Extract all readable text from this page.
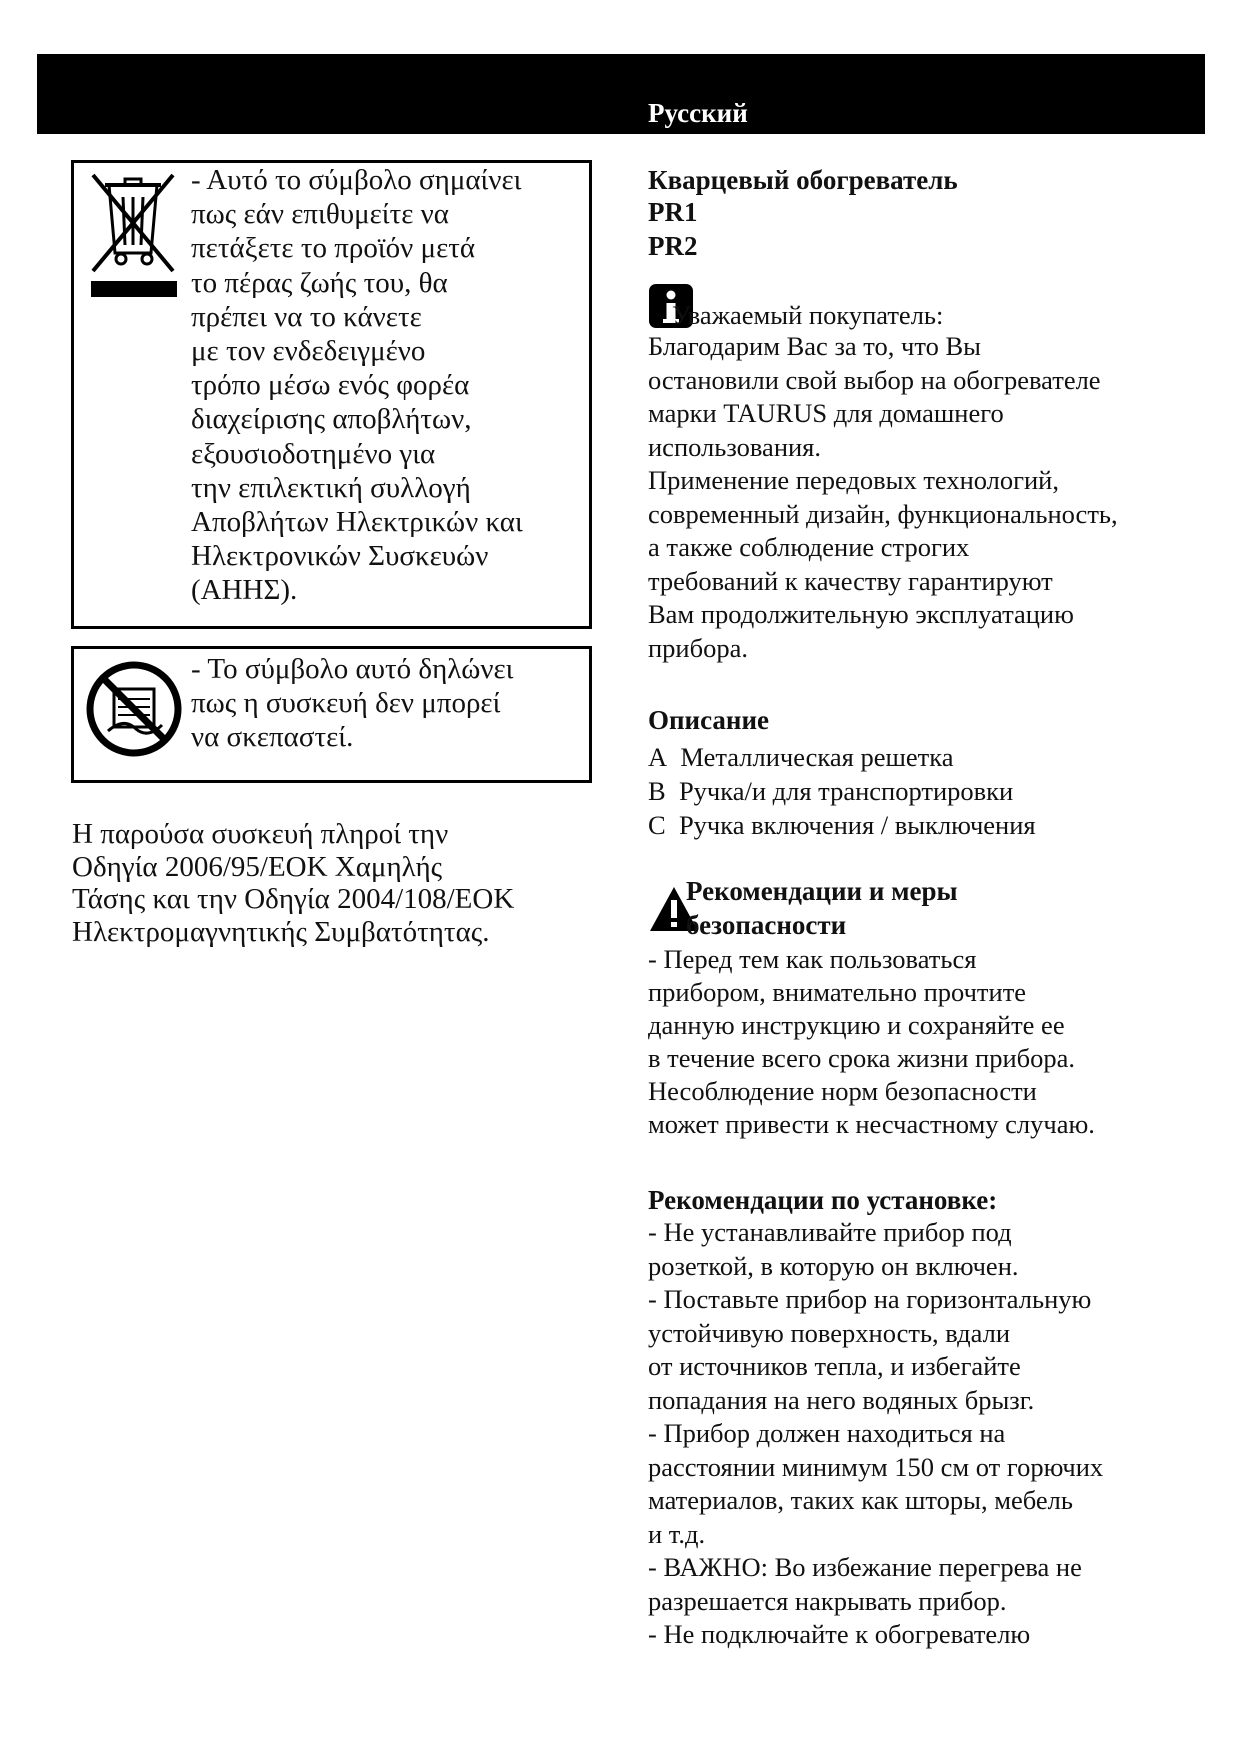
Русский
- Αυτό το σύμβολο σημαίνει
πως εάν επιθυμείτε να
πετάξετε το προϊόν μετά
το πέρας ζωής του, θα
πρέπει να το κάνετε
με τον ενδεδειγμένο
τρόπο μέσω ενός φορέα
διαχείρισης αποβλήτων,
εξουσιοδοτημένο για
την επιλεκτική συλλογή
Αποβλήτων Ηλεκτρικών και
Ηλεκτρονικών Συσκευών
(ΑΗΗΣ).
- Το σύμβολο αυτό δηλώνει
πως η συσκευή δεν μπορεί
να σκεπαστεί.
Η παρούσα συσκευή πληροί την
Οδηγία 2006/95/ΕΟΚ Χαμηλής
Τάσης και την Οδηγία 2004/108/ΕΟΚ
Ηλεκτρομαγνητικής Συμβατότητας.
Кварцевый обогреватель
PR1
PR2
Уважаемый покупатель:
Благодарим Вас за то, что Вы
остановили свой выбор на обогревателе
марки TAURUS для домашнего
использования.
Применение передовых технологий,
современный дизайн, функциональность,
а также соблюдение строгих
требований к качеству гарантируют
Вам продолжительную эксплуатацию
прибора.
Описание
A Металлическая решетка
B Ручка/и для транспортировки
C Ручка включения / выключения
Рекомендации и меры
безопасности
- Перед тем как пользоваться
прибором, внимательно прочтите
данную инструкцию и сохраняйте ее
в течение всего срока жизни прибора.
Несоблюдение норм безопасности
может привести к несчастному случаю.
Рекомендации по установке:
- Не устанавливайте прибор под
розеткой, в которую он включен.
- Поставьте прибор на горизонтальную
устойчивую поверхность, вдали
от источников тепла, и избегайте
попадания на него водяных брызг.
- Прибор должен находиться на
расстоянии минимум 150 см от горючих
материалов, таких как шторы, мебель
и т.д.
- ВАЖНО: Во избежание перегрева не
разрешается накрывать прибор.
- Не подключайте к обогревателю
